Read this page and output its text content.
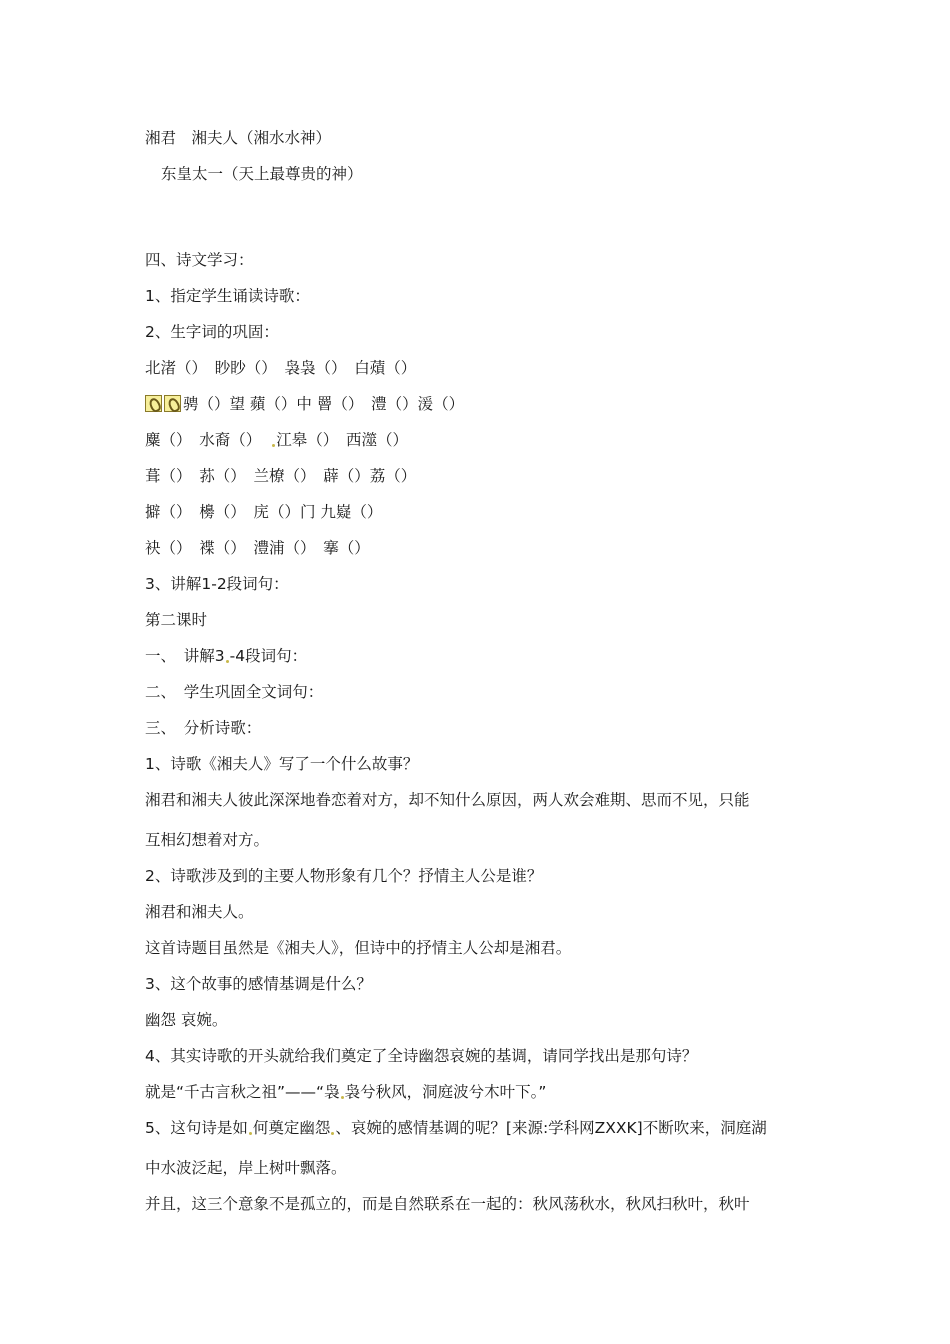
湘君　湘夫人（湘水水神）
东皇太一（天上最尊贵的神）
四、诗文学习：
1、指定学生诵读诗歌：
2、生字词的巩固：
北渚（）　眇眇（）　袅袅（）　白薠（）
骋（）望 蘋（）中 罾（）　澧（）湲（）
麋（）　水裔（） 江皋（）　西澨（）
葺（）　荪（）　兰橑（）　薜（）荔（）
擗（）　櫋（）　庑（）门 九嶷（）
袂（）　褋（）　澧浦（）　搴（）
3、讲解1-2段词句：
第二课时
一、　讲解3 -4段词句：
二、　学生巩固全文词句：
三、　分析诗歌：
1、诗歌《湘夫人》写了一个什么故事？
湘君和湘夫人彼此深深地眷恋着对方，却不知什么原因，两人欢会难期、思而不见，只能
互相幻想着对方。
2、诗歌涉及到的主要人物形象有几个？抒情主人公是谁？
湘君和湘夫人。
这首诗题目虽然是《湘夫人》，但诗中的抒情主人公却是湘君。
3、这个故事的感情基调是什么？
幽怨 哀婉。
4、其实诗歌的开头就给我们奠定了全诗幽怨哀婉的基调，请同学找出是那句诗？
就是“千古言秋之祖”——“袅 袅兮秋风，洞庭波兮木叶下。”
5、这句诗是如 何奠定幽怨 、哀婉的感情基调的呢？[来源:学科网ZXXK]不断吹来，洞庭湖
中水波泛起，岸上树叶飘落。
并且，这三个意象不是孤立的，而是自然联系在一起的：秋风荡秋水，秋风扫秋叶，秋叶
